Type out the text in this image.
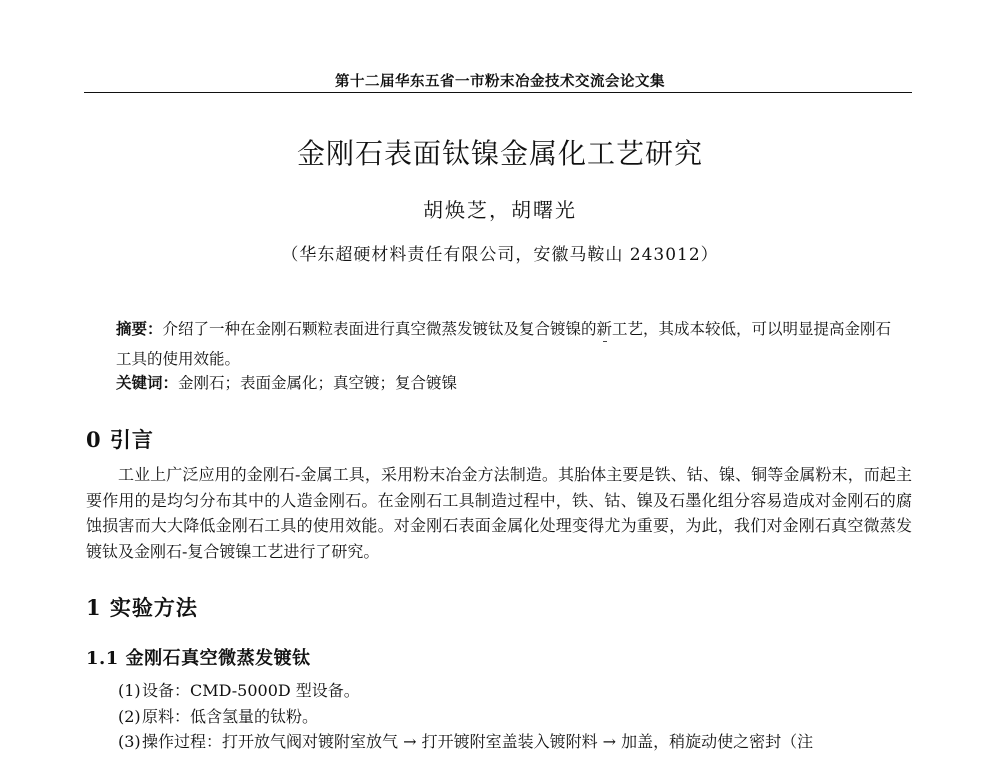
第十二届华东五省一市粉末冶金技术交流会论文集
金刚石表面钛镍金属化工艺研究
胡焕芝，胡曙光
（华东超硬材料责任有限公司，安徽马鞍山 243012）
摘要：介绍了一种在金刚石颗粒表面进行真空微蒸发镀钛及复合镀镍的新工艺，其成本较低，可以明显提高金刚石工具的使用效能。
关键词：金刚石；表面金属化；真空镀；复合镀镍
0 引言
工业上广泛应用的金刚石-金属工具，采用粉末冶金方法制造。其胎体主要是铁、钴、镍、铜等金属粉末，而起主要作用的是均匀分布其中的人造金刚石。在金刚石工具制造过程中，铁、钴、镍及石墨化组分容易造成对金刚石的腐蚀损害而大大降低金刚石工具的使用效能。对金刚石表面金属化处理变得尤为重要，为此，我们对金刚石真空微蒸发镀钛及金刚石-复合镀镍工艺进行了研究。
1 实验方法
1.1 金刚石真空微蒸发镀钛
(1)设备：CMD-5000D 型设备。
(2)原料：低含氢量的钛粉。
(3)操作过程：打开放气阀对镀附室放气 → 打开镀附室盖装入镀附料 → 加盖，稍旋动使之密封（注
